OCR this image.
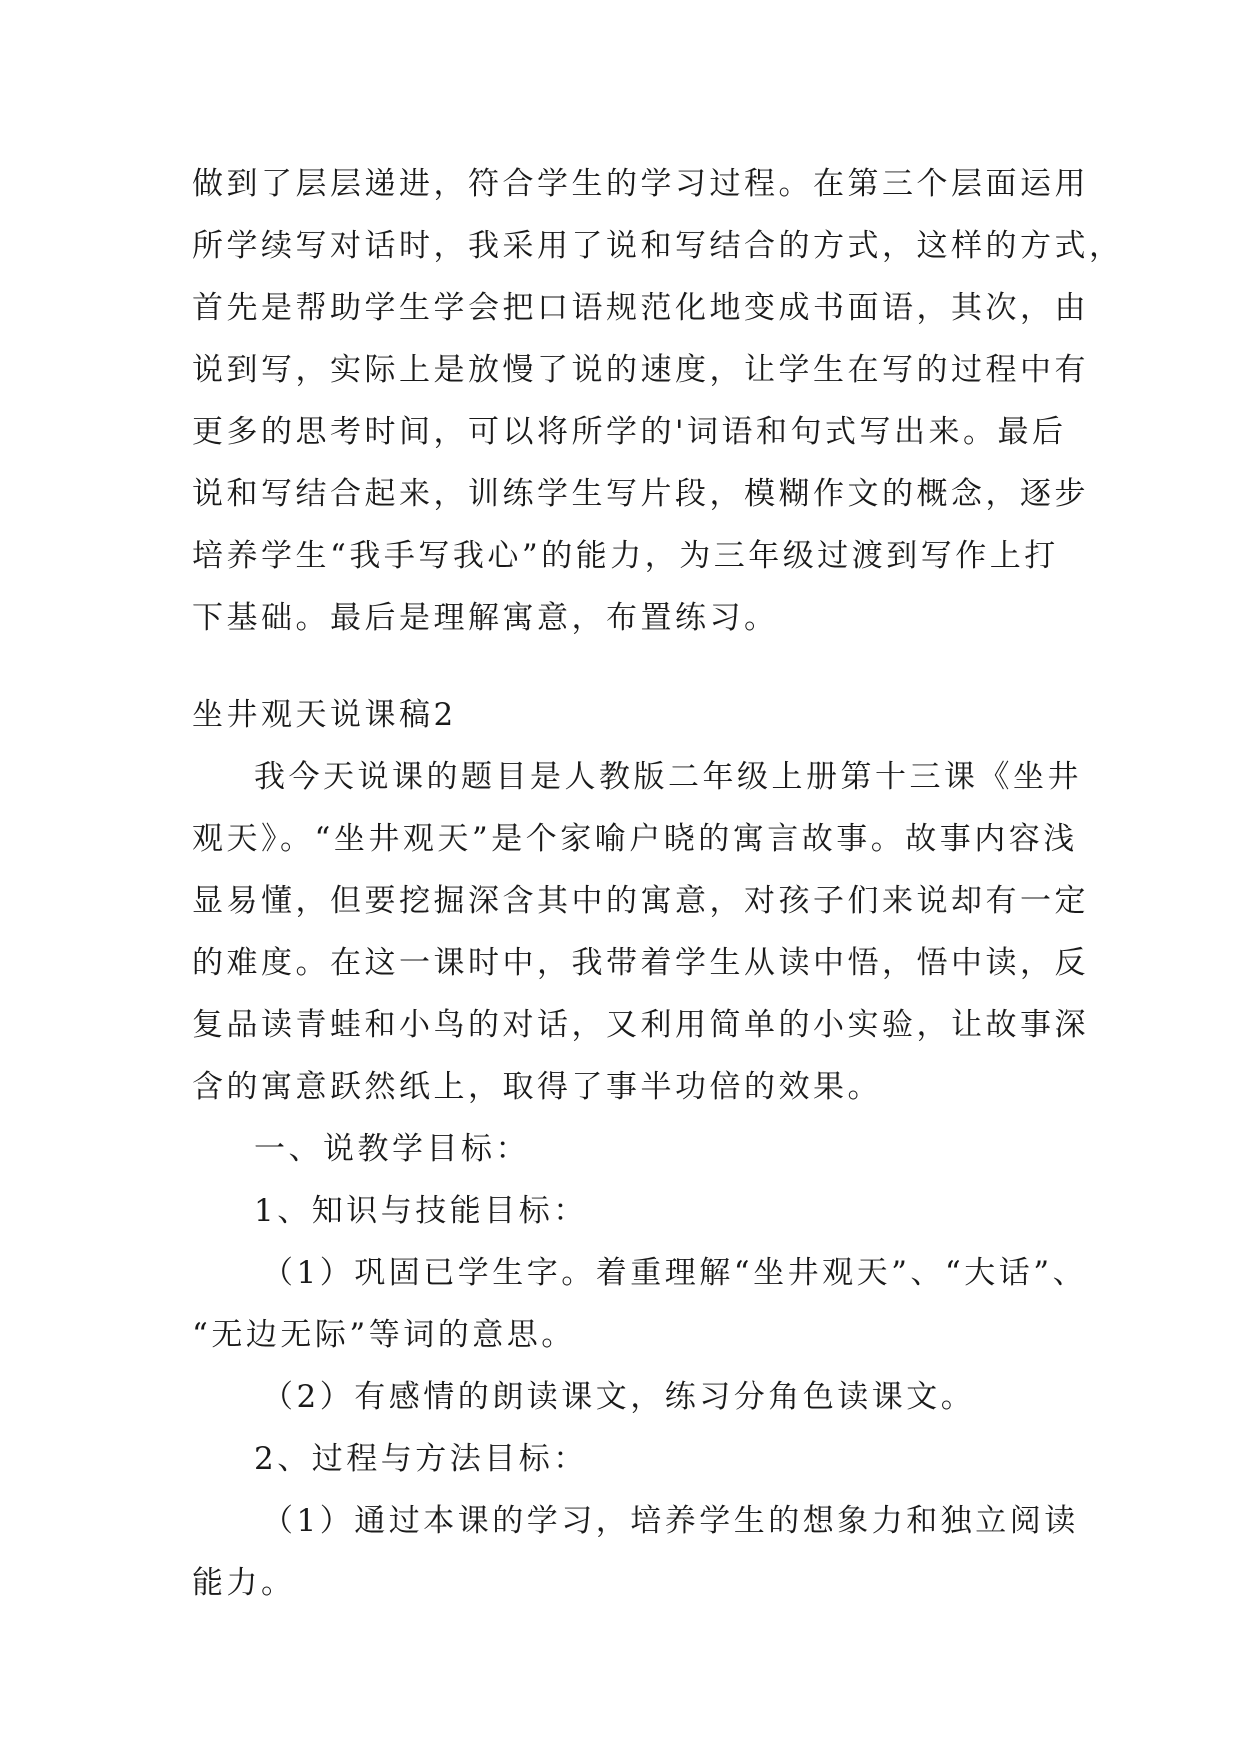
做到了层层递进，符合学生的学习过程。在第三个层面运用
所学续写对话时，我采用了说和写结合的方式，这样的方式，
首先是帮助学生学会把口语规范化地变成书面语，其次，由
说到写，实际上是放慢了说的速度，让学生在写的过程中有
更多的思考时间，可以将所学的'词语和句式写出来。最后
说和写结合起来，训练学生写片段，模糊作文的概念，逐步
培养学生“我手写我心”的能力，为三年级过渡到写作上打
下基础。最后是理解寓意，布置练习。
坐井观天说课稿2
我今天说课的题目是人教版二年级上册第十三课《坐井
观天》。“坐井观天”是个家喻户晓的寓言故事。故事内容浅
显易懂，但要挖掘深含其中的寓意，对孩子们来说却有一定
的难度。在这一课时中，我带着学生从读中悟，悟中读，反
复品读青蛙和小鸟的对话，又利用简单的小实验，让故事深
含的寓意跃然纸上，取得了事半功倍的效果。
一、说教学目标：
1、知识与技能目标：
（1）巩固已学生字。着重理解“坐井观天”、“大话”、
“无边无际”等词的意思。
（2）有感情的朗读课文，练习分角色读课文。
2、过程与方法目标：
（1）通过本课的学习，培养学生的想象力和独立阅读
能力。
